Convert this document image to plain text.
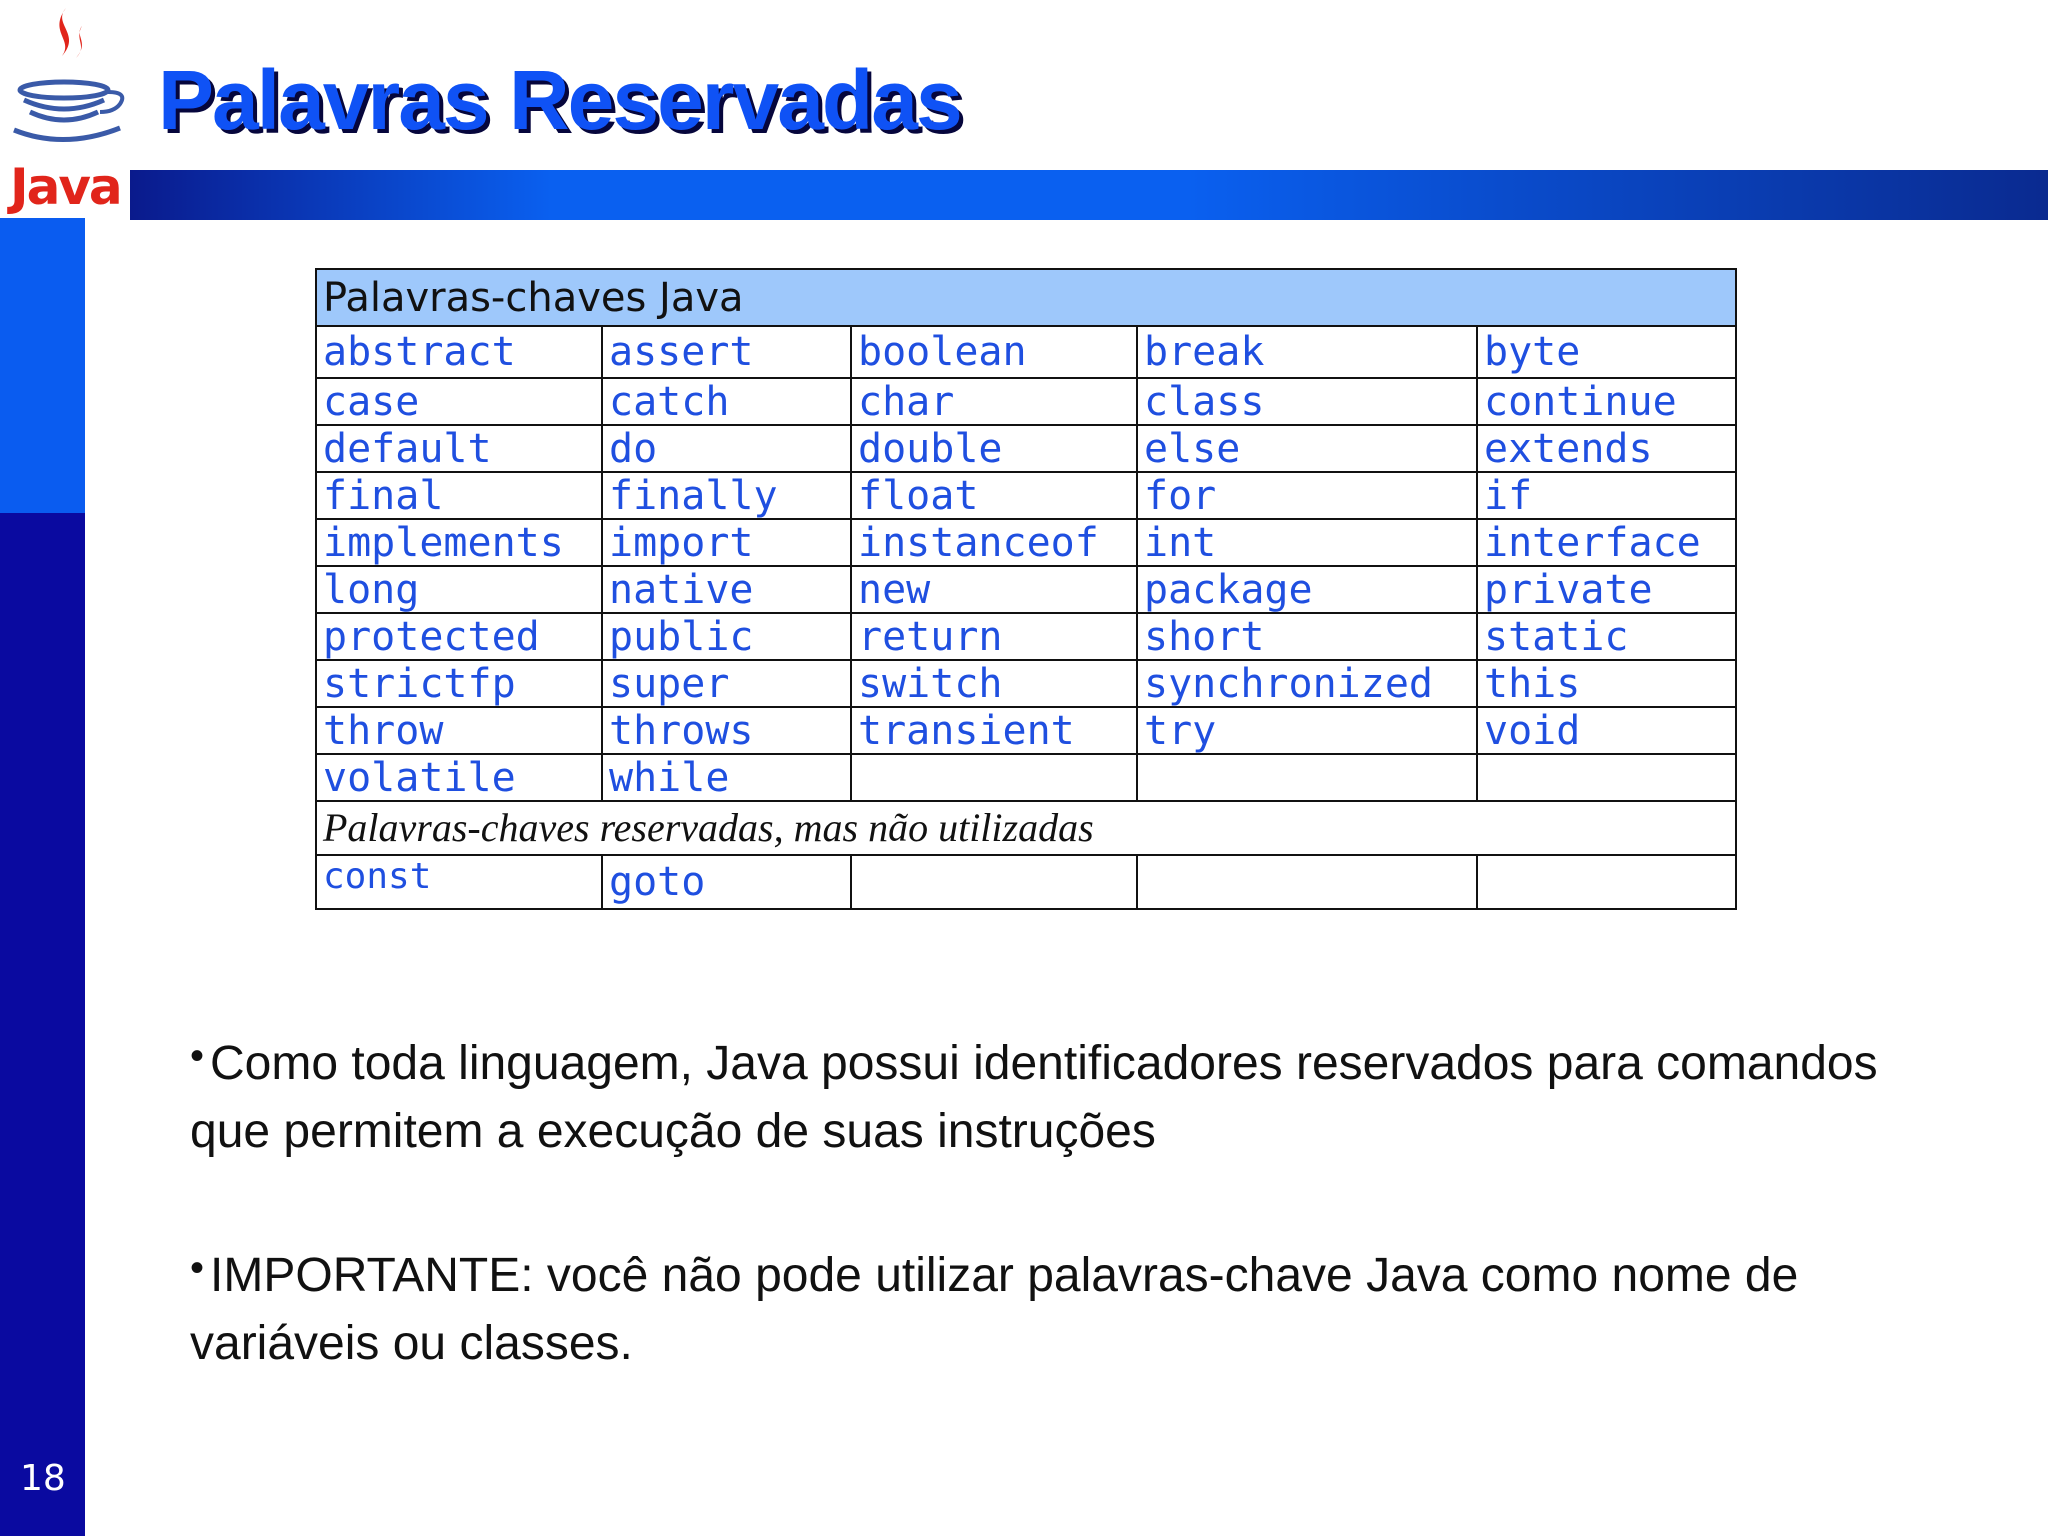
Java
Palavras Reservadas
Palavras-chaves Java				
abstract	assert	boolean	break	byte
case	catch	char	class	continue
default	do	double	else	extends
final	finally	float	for	if
implements	import	instanceof	int	interface
long	native	new	package	private
protected	public	return	short	static
strictfp	super	switch	synchronized	this
throw	throws	transient	try	void
volatile	while			
Palavras-chaves reservadas, mas não utilizadas				
const	goto			

• Como toda linguagem, Java possui identificadores reservados para comandos que permitem a execução de suas instruções

• IMPORTANTE: você não pode utilizar palavras-chave Java como nome de variáveis ou classes.

18
